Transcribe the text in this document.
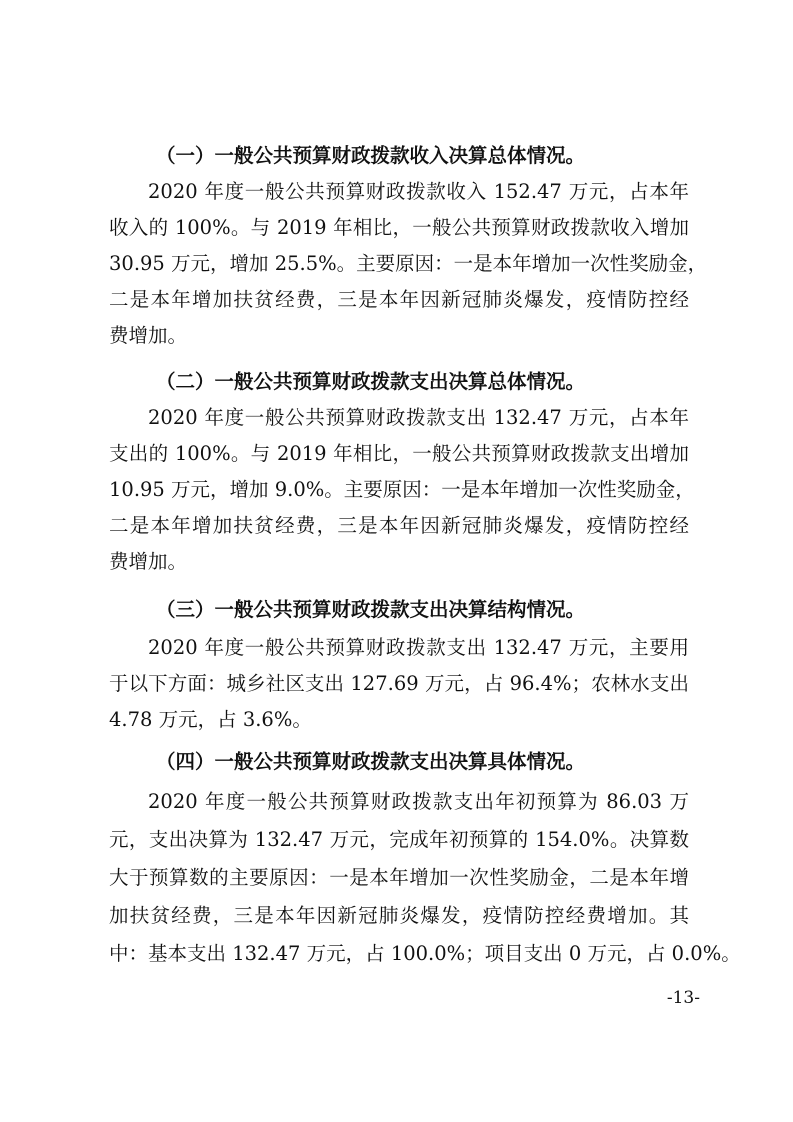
（一）一般公共预算财政拨款收入决算总体情况。
2020 年度一般公共预算财政拨款收入 152.47 万元，占本年
收入的 100%。与 2019 年相比，一般公共预算财政拨款收入增加
30.95 万元，增加 25.5%。主要原因：一是本年增加一次性奖励金，
二是本年增加扶贫经费，三是本年因新冠肺炎爆发，疫情防控经
费增加。
（二）一般公共预算财政拨款支出决算总体情况。
2020 年度一般公共预算财政拨款支出 132.47 万元，占本年
支出的 100%。与 2019 年相比，一般公共预算财政拨款支出增加
10.95 万元，增加 9.0%。主要原因：一是本年增加一次性奖励金，
二是本年增加扶贫经费，三是本年因新冠肺炎爆发，疫情防控经
费增加。
（三）一般公共预算财政拨款支出决算结构情况。
2020 年度一般公共预算财政拨款支出 132.47 万元，主要用
于以下方面：城乡社区支出 127.69 万元，占 96.4%；农林水支出
4.78 万元，占 3.6%。
（四）一般公共预算财政拨款支出决算具体情况。
2020 年度一般公共预算财政拨款支出年初预算为 86.03 万
元，支出决算为 132.47 万元，完成年初预算的 154.0%。决算数
大于预算数的主要原因：一是本年增加一次性奖励金，二是本年增
加扶贫经费，三是本年因新冠肺炎爆发，疫情防控经费增加。其
中：基本支出 132.47 万元，占 100.0%；项目支出 0 万元，占 0.0%。
-13-
